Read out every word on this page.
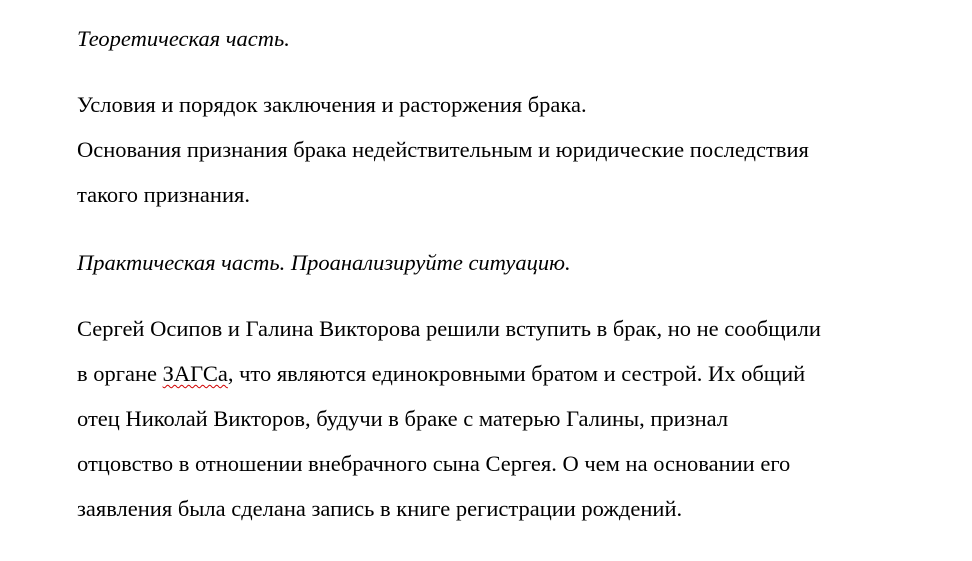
Теоретическая часть.
Условия и порядок заключения и расторжения брака.
Основания признания брака недействительным и юридические последствия
такого признания.
Практическая часть. Проанализируйте ситуацию.
Сергей Осипов и Галина Викторова решили вступить в брак, но не сообщили
в органе ЗАГСа, что являются единокровными братом и сестрой. Их общий
отец Николай Викторов, будучи в браке с матерью Галины, признал
отцовство в отношении внебрачного сына Сергея. О чем на основании его
заявления была сделана запись в книге регистрации рождений.
